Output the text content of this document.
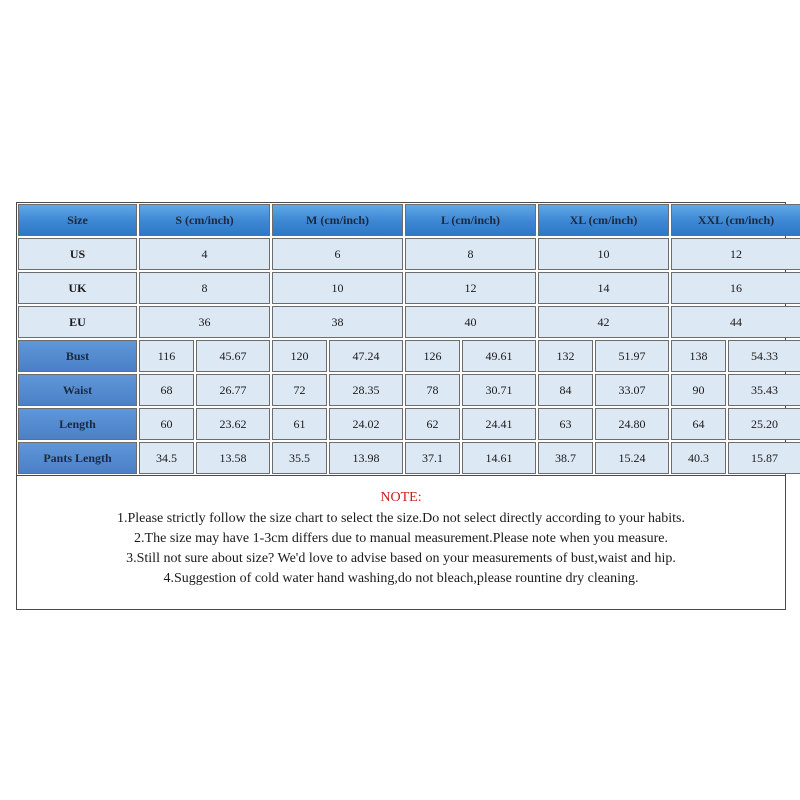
Size	S (cm/inch)	M (cm/inch)	L (cm/inch)	XL (cm/inch)	XXL (cm/inch)
US	4	6	8	10	12
UK	8	10	12	14	16
EU	36	38	40	42	44
Bust	116	45.67	120	47.24	126	49.61	132	51.97	138	54.33
Waist	68	26.77	72	28.35	78	30.71	84	33.07	90	35.43
Length	60	23.62	61	24.02	62	24.41	63	24.80	64	25.20
Pants Length	34.5	13.58	35.5	13.98	37.1	14.61	38.7	15.24	40.3	15.87
NOTE:
1.Please strictly follow the size chart to select the size.Do not select directly according to your habits.
2.The size may have 1-3cm differs due to manual measurement.Please note when you measure.
3.Still not sure about size? We'd love to advise based on your measurements of bust,waist and hip.
4.Suggestion of cold water hand washing,do not bleach,please rountine dry cleaning.
